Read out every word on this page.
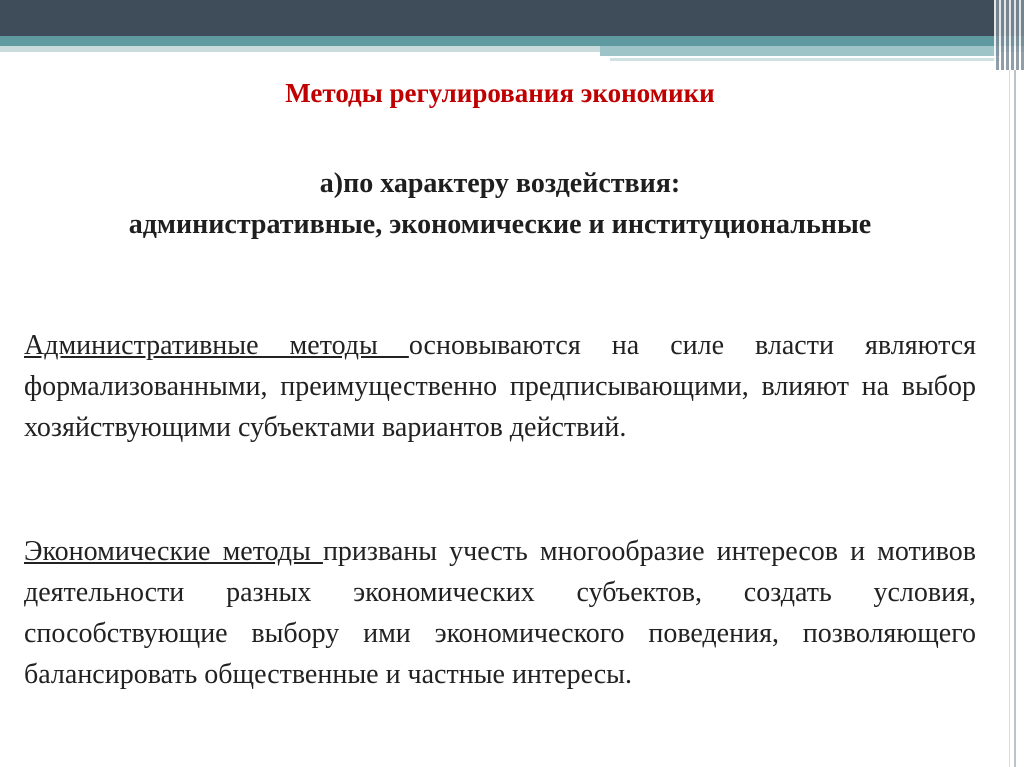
Методы регулирования экономики

а)по характеру воздействия:
административные, экономические и институциональные

Административные методы основываются на силе власти являются формализованными, преимущественно предписывающими, влияют на выбор хозяйствующими субъектами вариантов действий.

Экономические методы призваны учесть многообразие интересов и мотивов деятельности разных экономических субъектов, создать условия, способствующие выбору ими экономического поведения, позволяющего балансировать общественные и частные интересы.
